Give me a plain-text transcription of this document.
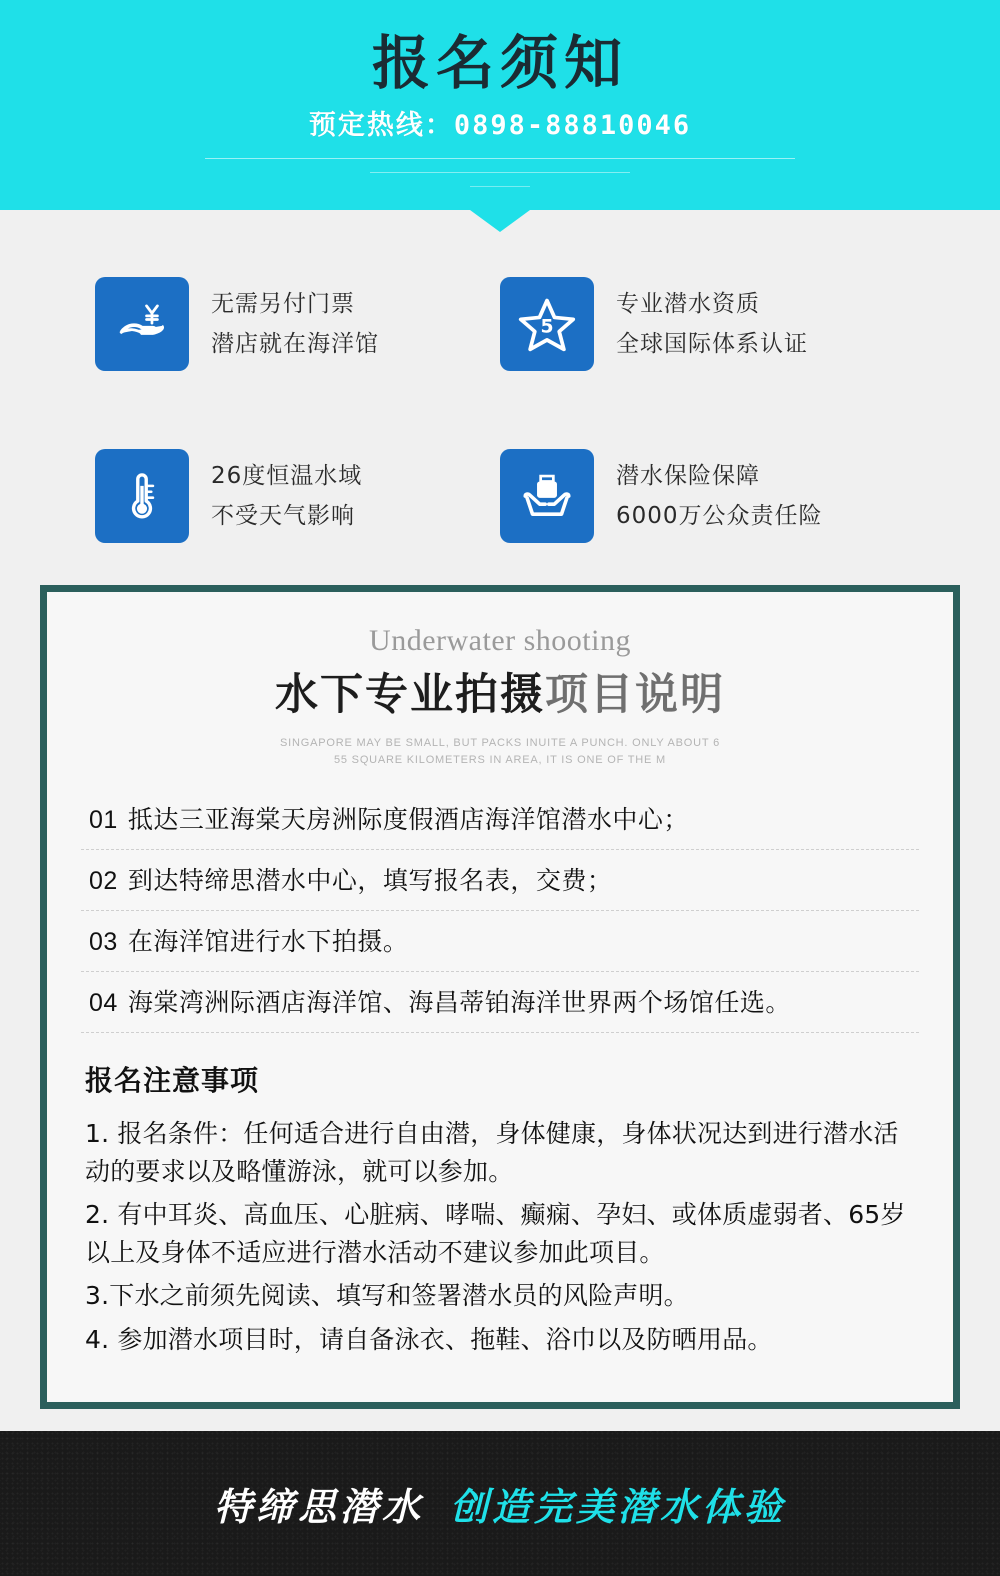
报名须知
预定热线：0898-88810046
无需另付门票
潜店就在海洋馆
5
专业潜水资质
全球国际体系认证
26度恒温水域
不受天气影响
潜水保险保障
6000万公众责任险
Underwater shooting
水下专业拍摄项目说明
SINGAPORE MAY BE SMALL, BUT PACKS INUITE A PUNCH. ONLY ABOUT 6
55 SQUARE KILOMETERS IN AREA, IT IS ONE OF THE M
01 抵达三亚海棠天房洲际度假酒店海洋馆潜水中心；
02 到达特缔思潜水中心，填写报名表，交费；
03 在海洋馆进行水下拍摄。
04 海棠湾洲际酒店海洋馆、海昌蒂铂海洋世界两个场馆任选。
报名注意事项
1. 报名条件：任何适合进行自由潜，身体健康，身体状况达到进行潜水活动的要求以及略懂游泳，就可以参加。
2. 有中耳炎、高血压、心脏病、哮喘、癫痫、孕妇、或体质虚弱者、65岁以上及身体不适应进行潜水活动不建议参加此项目。
3.下水之前须先阅读、填写和签署潜水员的风险声明。
4. 参加潜水项目时，请自备泳衣、拖鞋、浴巾以及防晒用品。
特缔思潜水 创造完美潜水体验
